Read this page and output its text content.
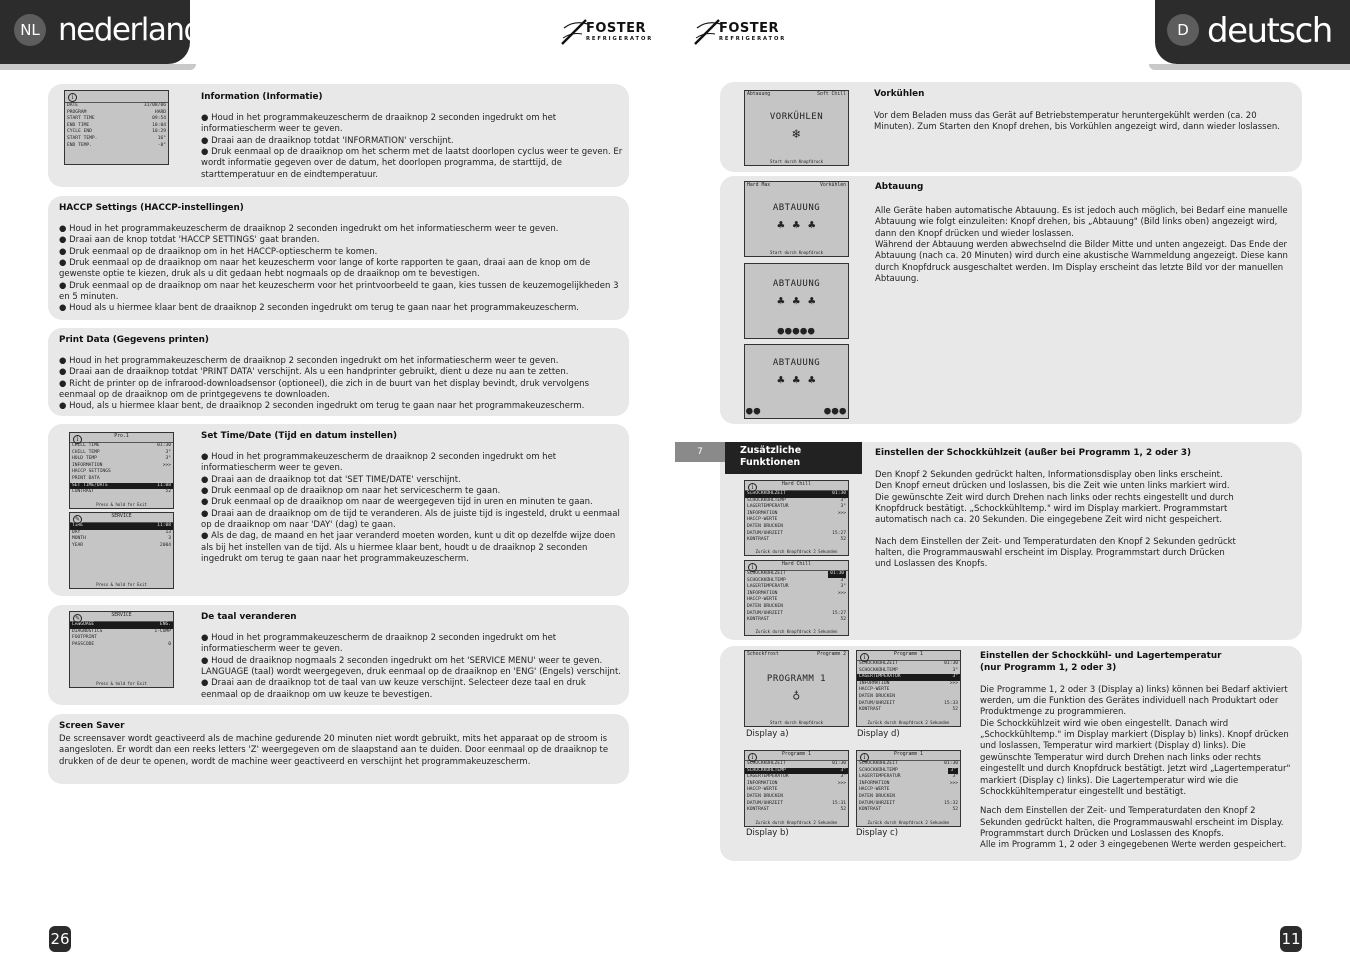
NL nederlands	D deutsch
FOSTER
REFRIGERATOR
FOSTER
REFRIGERATOR
i
DATE	31/08/06
PROGRAM	HARD
START TIME	09:54
END TIME	10:04
CYCLE END	10:29
START TEMP.	16°
END TEMP.	-8°
Information (Informatie)

● Houd in het programmakeuzescherm de draaiknop 2 seconden ingedrukt om het informatiescherm weer te geven.

● Draai aan de draaiknop totdat 'INFORMATION' verschijnt.

● Druk eenmaal op de draaiknop om het scherm met de laatst doorlopen cyclus weer te geven. Er wordt informatie gegeven over de datum, het doorlopen programma, de starttijd, de starttemperatuur en de eindtemperatuur.

HACCP Settings (HACCP-instellingen)

● Houd in het programmakeuzescherm de draaiknop 2 seconden ingedrukt om het informatiescherm weer te geven.

● Draai aan de knop totdat 'HACCP SETTINGS' gaat branden.

● Druk eenmaal op de draaiknop om in het HACCP-optiescherm te komen.

● Druk eenmaal op de draaiknop om naar het keuzescherm voor lange of korte rapporten te gaan, draai aan de knop om de gewenste optie te kiezen, druk als u dit gedaan hebt nogmaals op de draaiknop om te bevestigen.

● Druk eenmaal op de draaiknop om naar het keuzescherm voor het printvoorbeeld te gaan, kies tussen de keuzemogelijkheden 3 en 5 minuten.

● Houd als u hiermee klaar bent de draaiknop 2 seconden ingedrukt om terug te gaan naar het programmakeuzescherm.

Print Data (Gegevens printen)

● Houd in het programmakeuzescherm de draaiknop 2 seconden ingedrukt om het informatiescherm weer te geven.

● Draai aan de draaiknop totdat 'PRINT DATA' verschijnt. Als u een handprinter gebruikt, dient u deze nu aan te zetten.

● Richt de printer op de infrarood-downloadsensor (optioneel), die zich in de buurt van het display bevindt, druk vervolgens eenmaal op de draaiknop om de printgegevens te downloaden.

● Houd, als u hiermee klaar bent, de draaiknop 2 seconden ingedrukt om terug te gaan naar het programmakeuzescherm.

i	Pro.1
CHILL TIME	01:30
CHILL TEMP	3°
HOLD TEMP	3°
INFORMATION	>>>
HACCP SETTINGS
PRINT DATA
SET TIME/DATE	11:08
CONTRAST	52
Press & hold for Exit
✎	SERVICE
TIME	11:08
DAY	13
MONTH	3
YEAR	2004
Press & hold for Exit
Set Time/Date (Tijd en datum instellen)

● Houd in het programmakeuzescherm de draaiknop 2 seconden ingedrukt om het informatiescherm weer te geven.

● Draai aan de draaiknop tot dat 'SET TIME/DATE' verschijnt.

● Druk eenmaal op de draaiknop om naar het servicescherm te gaan.

● Druk eenmaal op de draaiknop om naar de weergegeven tijd in uren en minuten te gaan.

● Draai aan de draaiknop om de tijd te veranderen. Als de juiste tijd is ingesteld, drukt u eenmaal op de draaiknop om naar 'DAY' (dag) te gaan.

● Als de dag, de maand en het jaar veranderd moeten worden, kunt u dit op dezelfde wijze doen als bij het instellen van de tijd. Als u hiermee klaar bent, houdt u de draaiknop 2 seconden ingedrukt om terug te gaan naar het programmakeuzescherm.

✎	SERVICE
LANGUAGE	ENG.
DIAGNOSTICS	1-COMP
FOOTPRINT
PASSCODE	0
Press & hold for Exit
De taal veranderen

● Houd in het programmakeuzescherm de draaiknop 2 seconden ingedrukt om het informatiescherm weer te geven.

● Houd de draaiknop nogmaals 2 seconden ingedrukt om het 'SERVICE MENU' weer te geven.

LANGUAGE (taal) wordt weergegeven, druk eenmaal op de draaiknop en 'ENG' (Engels) verschijnt.

● Draai aan de draaiknop tot de taal van uw keuze verschijnt. Selecteer deze taal en druk eenmaal op de draaiknop om uw keuze te bevestigen.

Screen Saver

De screensaver wordt geactiveerd als de machine gedurende 20 minuten niet wordt gebruikt, mits het apparaat op de stroom is aangesloten. Er wordt dan een reeks letters 'Z' weergegeven om de slaapstand aan te duiden. Door eenmaal op de draaiknop te drukken of de deur te openen, wordt de machine weer geactiveerd en verschijnt het programmakeuzescherm.

26
Abtauung	Soft Chill
VORKÜHLEN
❄
Start durch Knopfdruck
Vorkühlen

Vor dem Beladen muss das Gerät auf Betriebstemperatur heruntergekühlt werden (ca. 20 Minuten). Zum Starten den Knopf drehen, bis Vorkühlen angezeigt wird, dann wieder loslassen.

Hard Max	Vorkühlen
ABTAUUNG
♣ ♣ ♣
Start durch Knopfdruck
ABTAUUNG
♣ ♣ ♣
●●●●●
ABTAUUNG
♣ ♣ ♣
●●	●●●
Abtauung

Alle Geräte haben automatische Abtauung. Es ist jedoch auch möglich, bei Bedarf eine manuelle Abtauung wie folgt einzuleiten: Knopf drehen, bis „Abtauung" (Bild links oben) angezeigt wird, dann den Knopf drücken und wieder loslassen.

Während der Abtauung werden abwechselnd die Bilder Mitte und unten angezeigt. Das Ende der Abtauung (nach ca. 20 Minuten) wird durch eine akustische Warnmeldung angezeigt. Diese kann durch Knopfdruck ausgeschaltet werden. Im Display erscheint das letzte Bild vor der manuellen Abtauung.

i	Hard Chill
SCHOCKKÜHLZEIT	01:30
SCHOCKKÜHLTEMP	3°
LAGERTEMPERATUR	3°
INFORMATION	>>>
HACCP-WERTE
DATEN DRUCKEN
DATUM/UHRZEIT	15:27
KONTRAST	52
Zurück durch Knopfdruck 2 Sekunden
i	Hard Chill
SCHOCKKÜHLZEIT	01:30
SCHOCKKÜHLTEMP	3°
LAGERTEMPERATUR	3°
INFORMATION	>>>
HACCP-WERTE
DATEN DRUCKEN
DATUM/UHRZEIT	15:27
KONTRAST	52
Zurück durch Knopfdruck 2 Sekunden
Einstellen der Schockkühlzeit (außer bei Programm 1, 2 oder 3)

Den Knopf 2 Sekunden gedrückt halten, Informationsdisplay oben links erscheint. Den Knopf erneut drücken und loslassen, bis die Zeit wie unten links markiert wird. Die gewünschte Zeit wird durch Drehen nach links oder rechts eingestellt und durch Knopfdruck bestätigt. „Schockkühltemp." wird im Display markiert. Programmstart automatisch nach ca. 20 Sekunden. Die eingegebene Zeit wird nicht gespeichert.

Nach dem Einstellen der Zeit- und Temperaturdaten den Knopf 2 Sekunden gedrückt halten, die Programmauswahl erscheint im Display. Programmstart durch Drücken und Loslassen des Knopfs.

7	Zusätzliche Funktionen
Schockfrost	Programm 2
PROGRAMM 1
♁
Start durch Knopfdruck
Display a)
i	Programm 1
SCHOCKKÜHLZEIT	01:30
SCHOCKKÜHLTEMP	3°
LAGERTEMPERATUR	3°
INFORMATION	>>>
HACCP-WERTE
DATEN DRUCKEN
DATUM/UHRZEIT	15:33
KONTRAST	52
Zurück durch Knopfdruck 2 Sekunden
Display d)
i	Programm 1
SCHOCKKÜHLZEIT	01:30
SCHOCKKÜHLTEMP	3°
LAGERTEMPERATUR	3°
INFORMATION	>>>
HACCP-WERTE
DATEN DRUCKEN
DATUM/UHRZEIT	15:31
KONTRAST	52
Zurück durch Knopfdruck 2 Sekunden
Display b)
i	Programm 1
SCHOCKKÜHLZEIT	01:30
SCHOCKKÜHLTEMP	3°
LAGERTEMPERATUR	3°
INFORMATION	>>>
HACCP-WERTE
DATEN DRUCKEN
DATUM/UHRZEIT	15:32
KONTRAST	52
Zurück durch Knopfdruck 2 Sekunden
Display c)
Einstellen der Schockkühl- und Lagertemperatur
(nur Programm 1, 2 oder 3)

Die Programme 1, 2 oder 3 (Display a) links) können bei Bedarf aktiviert werden, um die Funktion des Gerätes individuell nach Produktart oder Produktmenge zu programmieren.

Die Schockkühlzeit wird wie oben eingestellt. Danach wird „Schockkühltemp." im Display markiert (Display b) links). Knopf drücken und loslassen, Temperatur wird markiert (Display d) links). Die gewünschte Temperatur wird durch Drehen nach links oder rechts eingestellt und durch Knopfdruck bestätigt. Jetzt wird „Lagertemperatur" markiert (Display c) links). Die Lagertemperatur wird wie die Schockkühltemperatur eingestellt und bestätigt.

Nach dem Einstellen der Zeit- und Temperaturdaten den Knopf 2 Sekunden gedrückt halten, die Programmauswahl erscheint im Display. Programmstart durch Drücken und Loslassen des Knopfs.

Alle im Programm 1, 2 oder 3 eingegebenen Werte werden gespeichert.

11
